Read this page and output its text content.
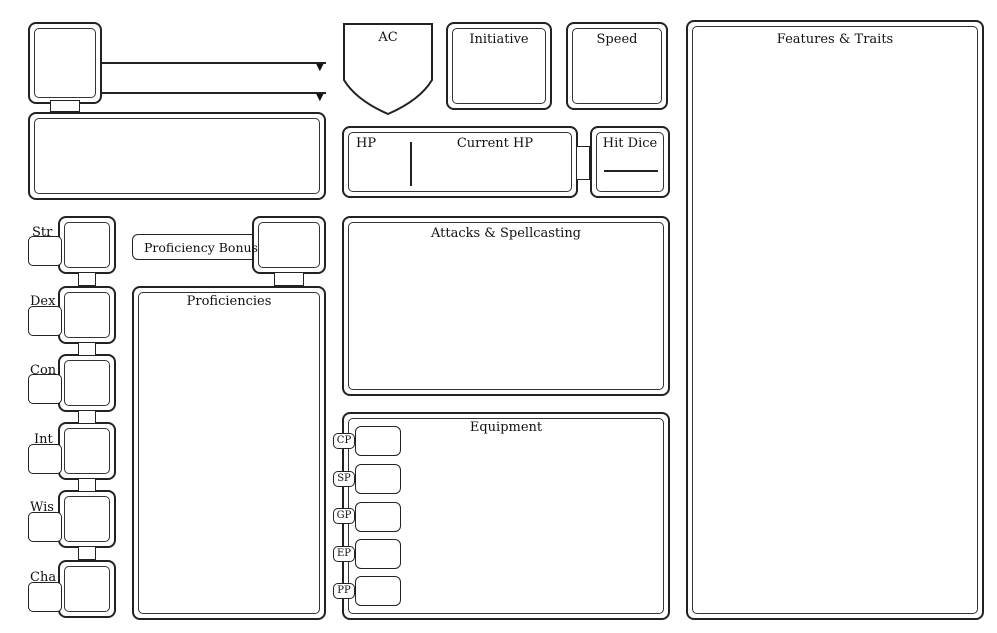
▼
▼
AC	Initiative	Speed
HP	Current HP	Hit Dice
Features & Traits
Attacks & Spellcasting
Equipment
CP
SP
GP
EP
PP
Str
Dex
Con
Int
Wis
Cha
Proficiency Bonus
Proficiencies
